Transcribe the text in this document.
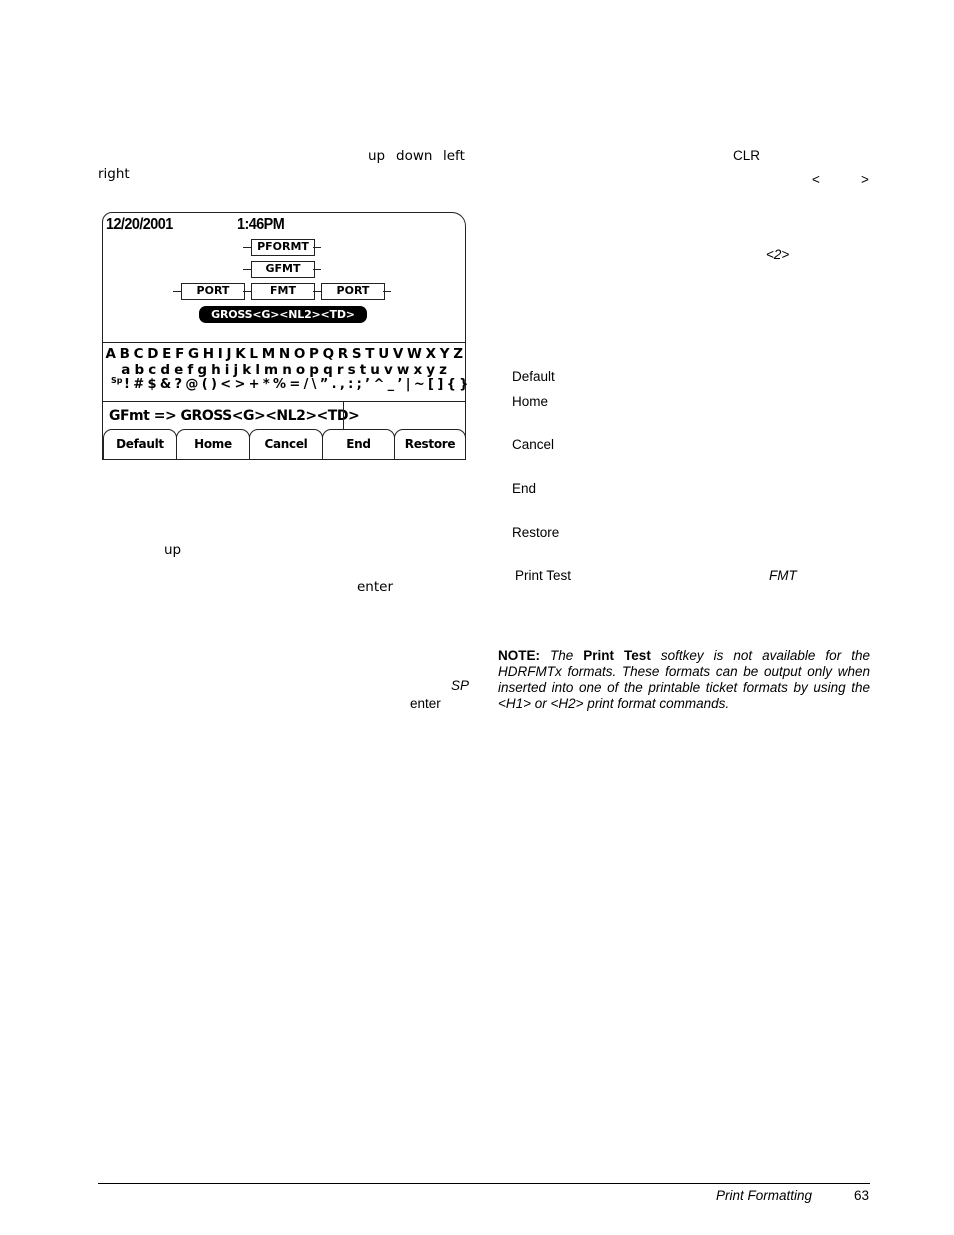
up down left
right
12/20/2001	1:46PM
PFORMT
GFMT
PORT	FMT	PORT
GROSS<G><NL2><TD><NL>
A B C D E F G H I J K L M N O P Q R S T U V W X Y Z
a b c d e f g h i j k l m n o p q r s t u v w x y z
Sp ! # $ & ? @ ( ) < > + * % = / \ ” . , : ; ’ ^ _ ’ | ~ [ ] { }
GFmt => GROSS<G><NL2><TD>
Default	Home	Cancel	End	Restore
up
enter
SP
enter
CLR
<	>
<2>
Default
Home
Cancel
End
Restore
Print Test	FMT
NOTE: The Print Test softkey is not available for the HDRFMTx formats. These formats can be output only when inserted into one of the printable ticket formats by using the <H1> or <H2> print format commands.
Print Formatting	63
